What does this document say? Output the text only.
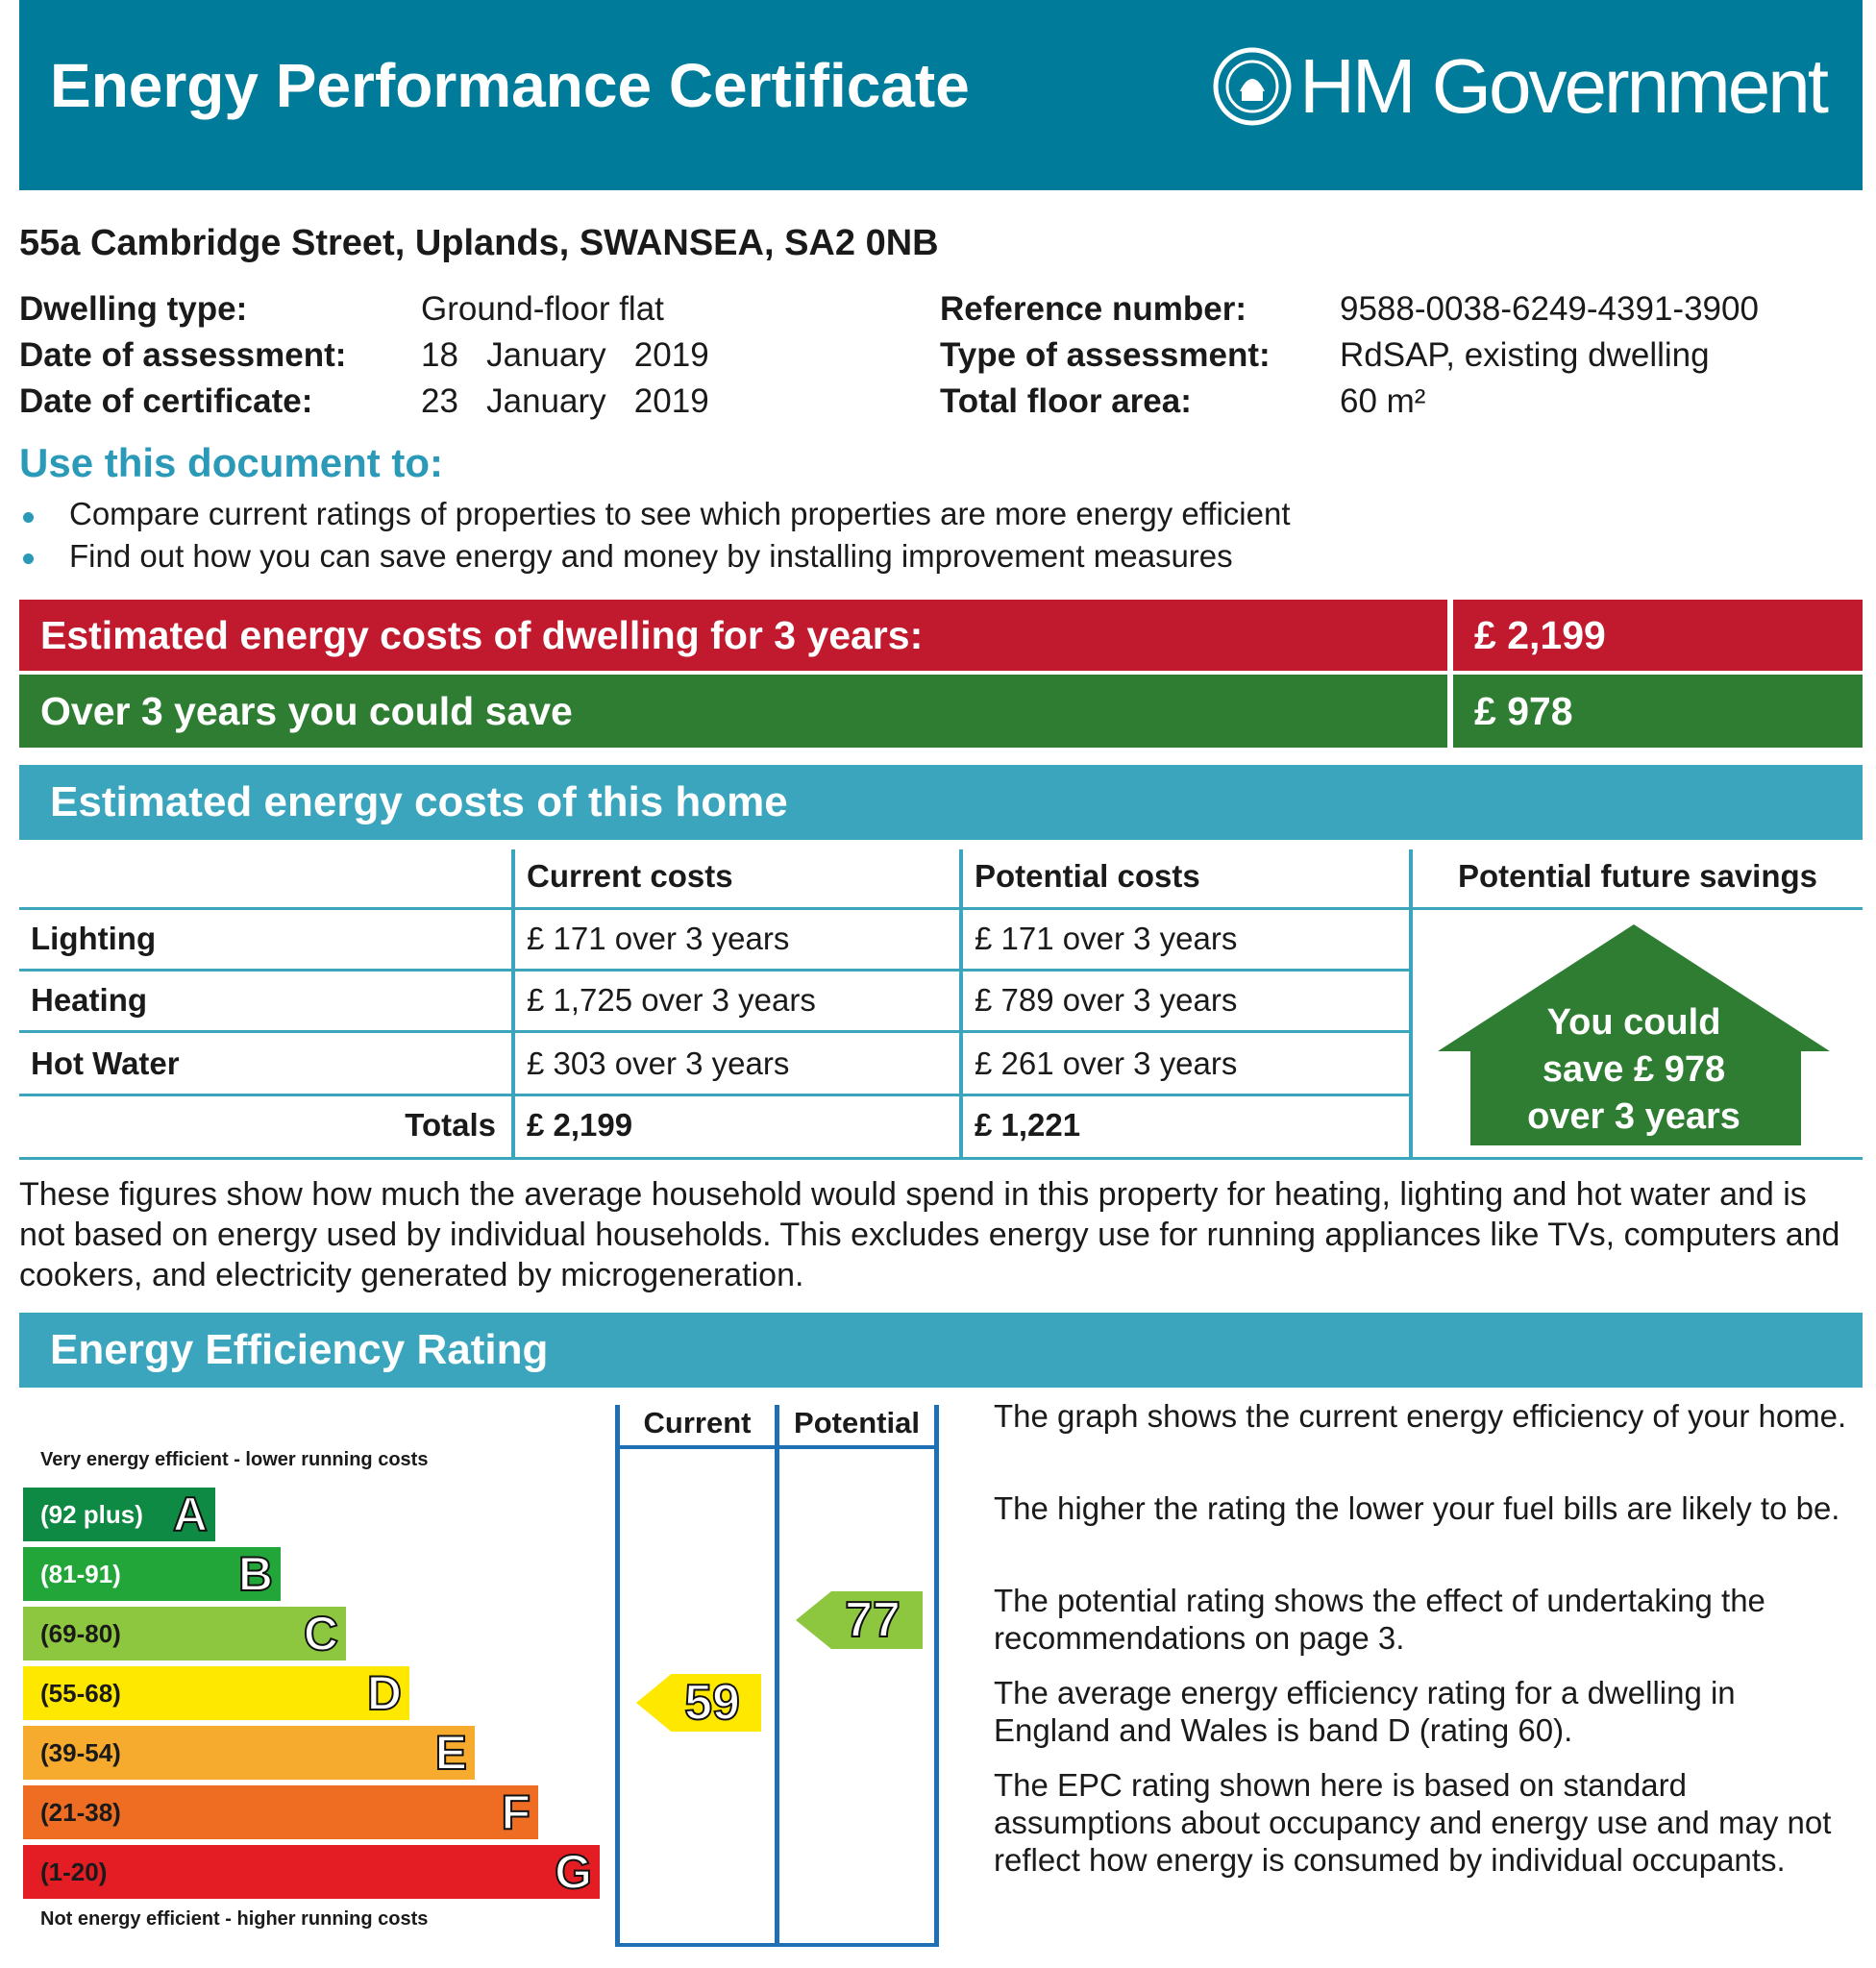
Energy Performance Certificate	HM Government
55a Cambridge Street, Uplands, SWANSEA, SA2 0NB
Dwelling type:	Ground-floor flat
Date of assessment: 18   January   2019
Date of certificate:	23   January   2019
Reference number:	9588-0038-6249-4391-3900
Type of assessment: RdSAP, existing dwelling
Total floor area:	60 m²
Use this document to:
Compare current ratings of properties to see which properties are more energy efficient
Find out how you can save energy and money by installing improvement measures
Estimated energy costs of dwelling for 3 years:	£ 2,199
Over 3 years you could save	£ 978
Estimated energy costs of this home
Current costs	Potential costs	Potential future savings
Lighting	£ 171 over 3 years	£ 171 over 3 years
Heating	£ 1,725 over 3 years	£ 789 over 3 years
Hot Water	£ 303 over 3 years	£ 261 over 3 years
Totals £ 2,199	£ 1,221
You could
save £ 978
over 3 years
These figures show how much the average household would spend in this property for heating, lighting and hot water and is not based on energy used by individual households. This excludes energy use for running appliances like TVs, computers and cookers, and electricity generated by microgeneration.
Energy Efficiency Rating
Very energy efficient - lower running costs
(92 plus) A
(81-91) B
(69-80)	C
(55-68)	D
(39-54)	E
(21-38)	F
(1-20)	G
Not energy efficient - higher running costs
Current	Potential
59
77
The graph shows the current energy efficiency of your home.
The higher the rating the lower your fuel bills are likely to be.
The potential rating shows the effect of undertaking the recommendations on page 3.
The average energy efficiency rating for a dwelling in England and Wales is band D (rating 60).
The EPC rating shown here is based on standard assumptions about occupancy and energy use and may not reflect how energy is consumed by individual occupants.
